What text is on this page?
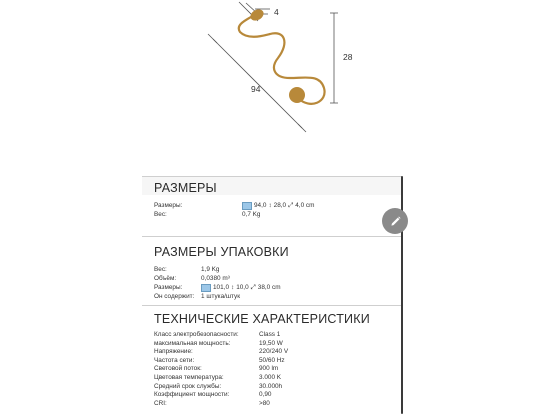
4
94
28
РАЗМЕРЫ
Размеры:	94,0 ↕ 28,0 ⤢ 4,0 cm
Вес:	0,7 Kg
РАЗМЕРЫ УПАКОВКИ
Вес:	1,9 Kg
Объём:	0,0380 m³
Размеры:	101,0 ↕ 10,0 ⤢ 38,0 cm
Он содержит: 1 штука/штук
ТЕХНИЧЕСКИЕ ХАРАКТЕРИСТИКИ
Класс электробезопасности:	Class 1
максимальная мощность:	19,50 W
Напряжение:	220/240 V
Частота сети:	50/60 Hz
Световой поток:	900 lm
Цветовая температура:	3.000 K
Средний срок службы:	30.000h
Коэффициент мощности:	0,90
CRI:	>80
